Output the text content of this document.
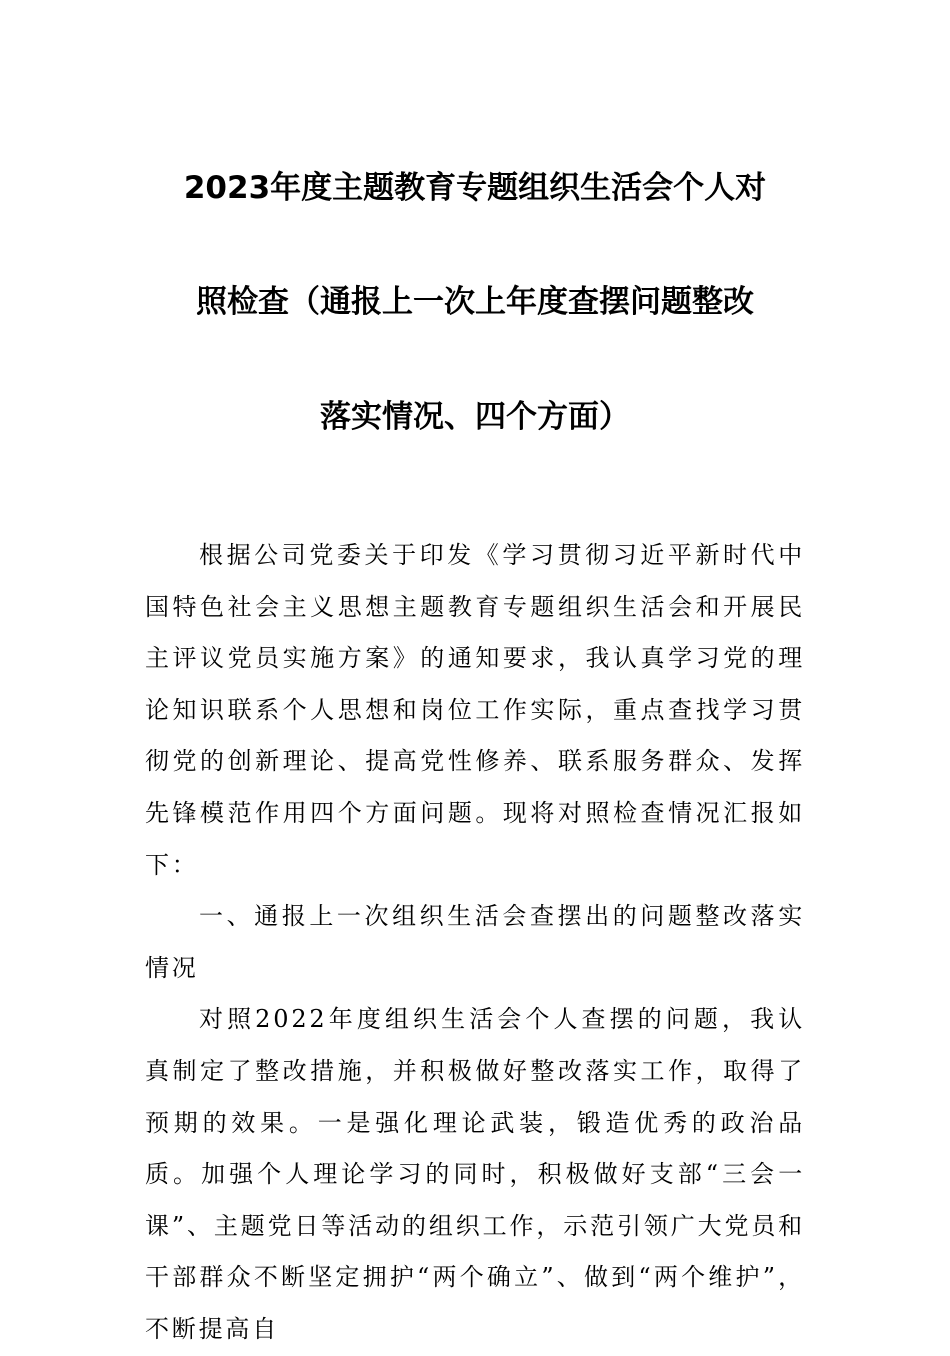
2023年度主题教育专题组织生活会个人对
照检查（通报上一次上年度查摆问题整改
落实情况、四个方面）

根据公司党委关于印发《学习贯彻习近平新时代中国特色社会主义思想主题教育专题组织生活会和开展民主评议党员实施方案》的通知要求，我认真学习党的理论知识联系个人思想和岗位工作实际，重点查找学习贯彻党的创新理论、提高党性修养、联系服务群众、发挥先锋模范作用四个方面问题。现将对照检查情况汇报如下：

一、通报上一次组织生活会查摆出的问题整改落实情况

对照2022年度组织生活会个人查摆的问题，我认真制定了整改措施，并积极做好整改落实工作，取得了预期的效果。一是强化理论武装，锻造优秀的政治品质。加强个人理论学习的同时，积极做好支部“三会一课”、主题党日等活动的组织工作，示范引领广大党员和干部群众不断坚定拥护“两个确立”、做到“两个维护”，不断提高自
